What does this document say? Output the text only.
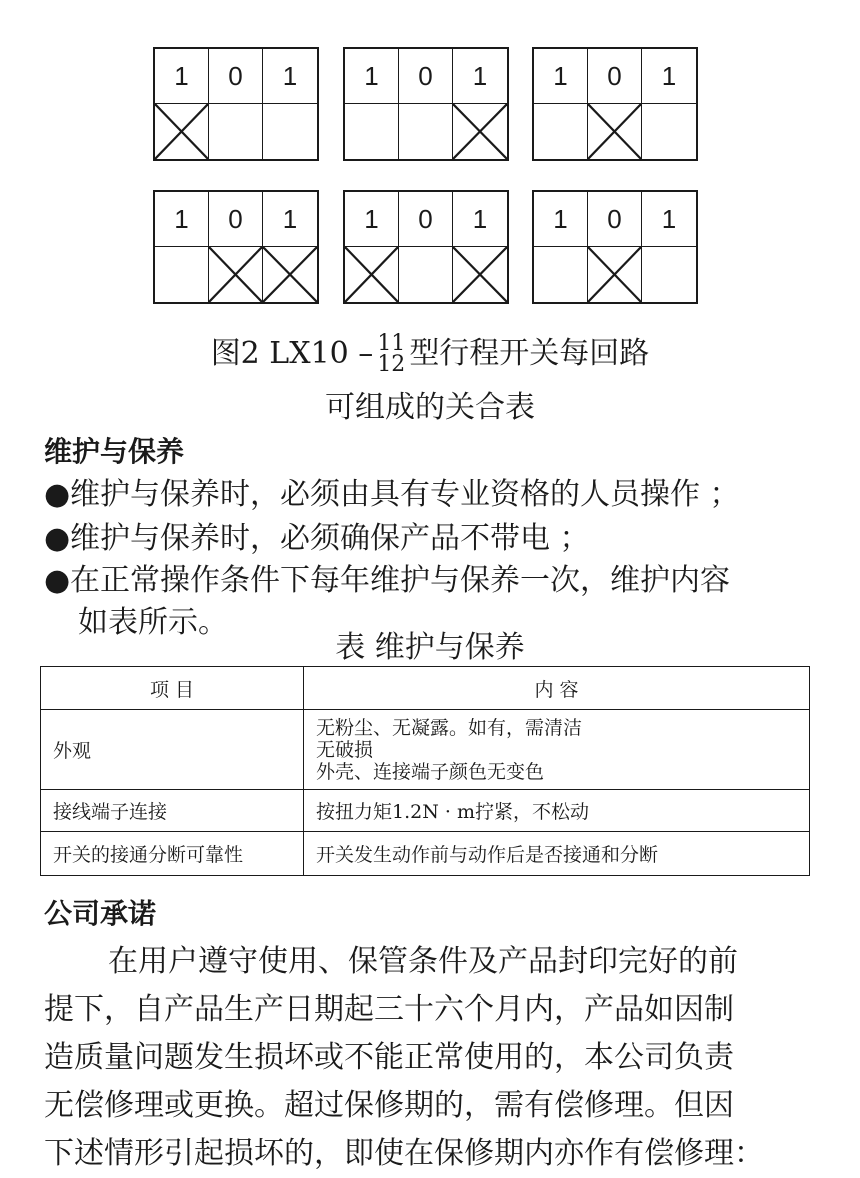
1	0	1	1	0	1	1	0	1
1	0	1	1	0	1	1	0	1
图2 LX10 – 11
12 型行程开关每回路
可组成的关合表
维护与保养
●维护与保养时，必须由具有专业资格的人员操作 ；
●维护与保养时，必须确保产品不带电 ；
●在正常操作条件下每年维护与保养一次，维护内容
如表所示。
表 维护与保养
项 目	内 容
外观	无粉尘、无凝露。如有，需清洁
无破损
外壳、连接端子颜色无变色

接线端子连接	按扭力矩1.2N · m拧紧，不松动
开关的接通分断可靠性	开关发生动作前与动作后是否接通和分断
公司承诺
在用户遵守使用、保管条件及产品封印完好的前
提下，自产品生产日期起三十六个月内，产品如因制
造质量问题发生损坏或不能正常使用的，本公司负责
无偿修理或更换。超过保修期的，需有偿修理。但因
下述情形引起损坏的，即使在保修期内亦作有偿修理：
